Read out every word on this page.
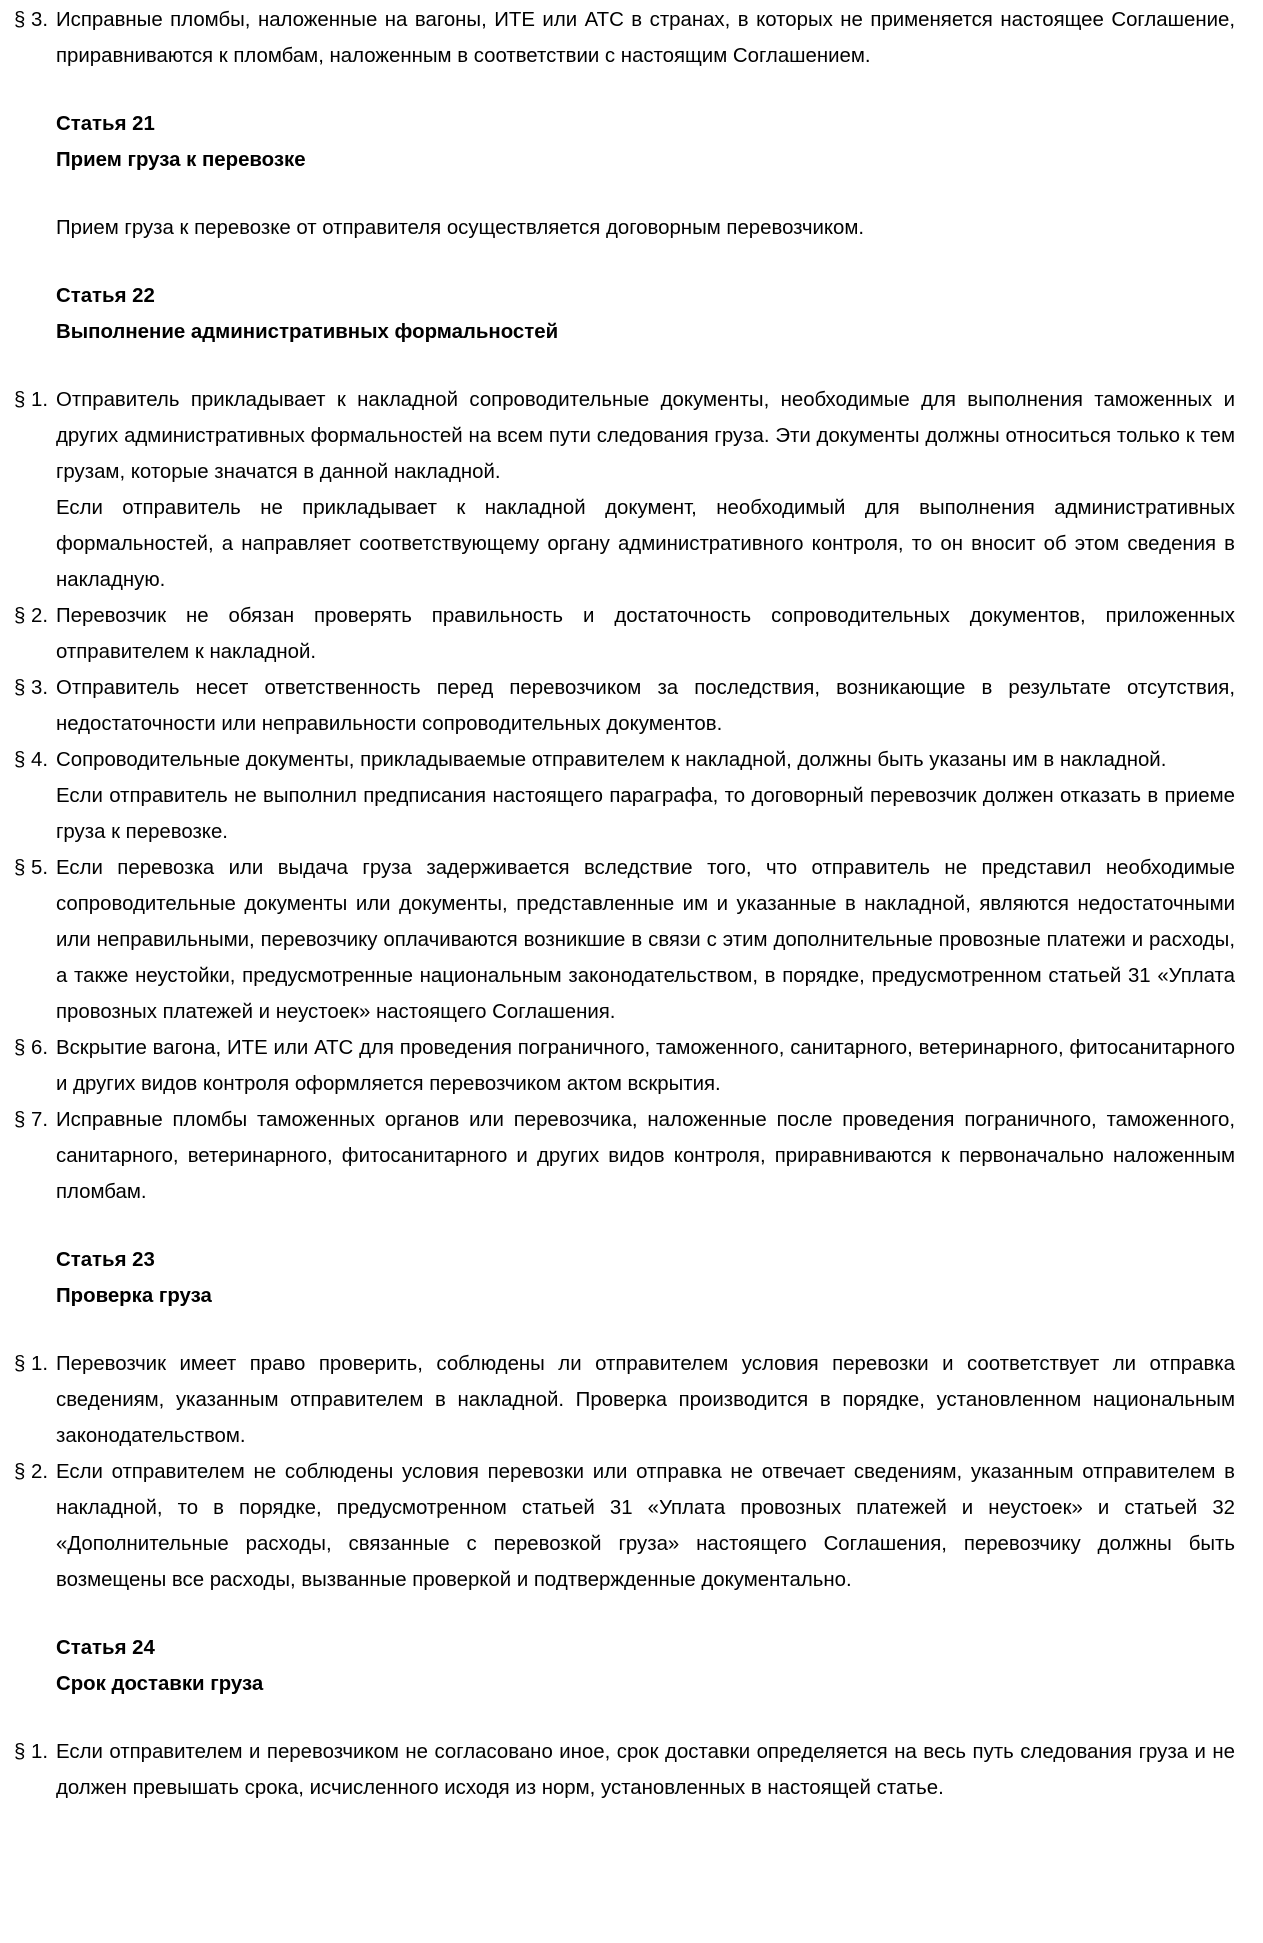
§ 3. Исправные пломбы, наложенные на вагоны, ИТЕ или АТС в странах, в которых не применяется настоящее Соглашение, приравниваются к пломбам, наложенным в соответствии с настоящим Соглашением.
Статья 21
Прием груза к перевозке
Прием груза к перевозке от отправителя осуществляется договорным перевозчиком.
Статья 22
Выполнение административных формальностей
§ 1. Отправитель прикладывает к накладной сопроводительные документы, необходимые для выполнения таможенных и других административных формальностей на всем пути следования груза. Эти документы должны относиться только к тем грузам, которые значатся в данной накладной.
Если отправитель не прикладывает к накладной документ, необходимый для выполнения административных формальностей, а направляет соответствующему органу административного контроля, то он вносит об этом сведения в накладную.
§ 2. Перевозчик не обязан проверять правильность и достаточность сопроводительных документов, приложенных отправителем к накладной.
§ 3. Отправитель несет ответственность перед перевозчиком за последствия, возникающие в результате отсутствия, недостаточности или неправильности сопроводительных документов.
§ 4. Сопроводительные документы, прикладываемые отправителем к накладной, должны быть указаны им в накладной.
Если отправитель не выполнил предписания настоящего параграфа, то договорный перевозчик должен отказать в приеме груза к перевозке.
§ 5. Если перевозка или выдача груза задерживается вследствие того, что отправитель не представил необходимые сопроводительные документы или документы, представленные им и указанные в накладной, являются недостаточными или неправильными, перевозчику оплачиваются возникшие в связи с этим дополнительные провозные платежи и расходы, а также неустойки, предусмотренные национальным законодательством, в порядке, предусмотренном статьей 31 «Уплата провозных платежей и неустоек» настоящего Соглашения.
§ 6. Вскрытие вагона, ИТЕ или АТС для проведения пограничного, таможенного, санитарного, ветеринарного, фитосанитарного и других видов контроля оформляется перевозчиком актом вскрытия.
§ 7. Исправные пломбы таможенных органов или перевозчика, наложенные после проведения пограничного, таможенного, санитарного, ветеринарного, фитосанитарного и других видов контроля, приравниваются к первоначально наложенным пломбам.
Статья 23
Проверка груза
§ 1. Перевозчик имеет право проверить, соблюдены ли отправителем условия перевозки и соответствует ли отправка сведениям, указанным отправителем в накладной. Проверка производится в порядке, установленном национальным законодательством.
§ 2. Если отправителем не соблюдены условия перевозки или отправка не отвечает сведениям, указанным отправителем в накладной, то в порядке, предусмотренном статьей 31 «Уплата провозных платежей и неустоек» и статьей 32 «Дополнительные расходы, связанные с перевозкой груза» настоящего Соглашения, перевозчику должны быть возмещены все расходы, вызванные проверкой и подтвержденные документально.
Статья 24
Срок доставки груза
§ 1. Если отправителем и перевозчиком не согласовано иное, срок доставки определяется на весь путь следования груза и не должен превышать срока, исчисленного исходя из норм, установленных в настоящей статье.
